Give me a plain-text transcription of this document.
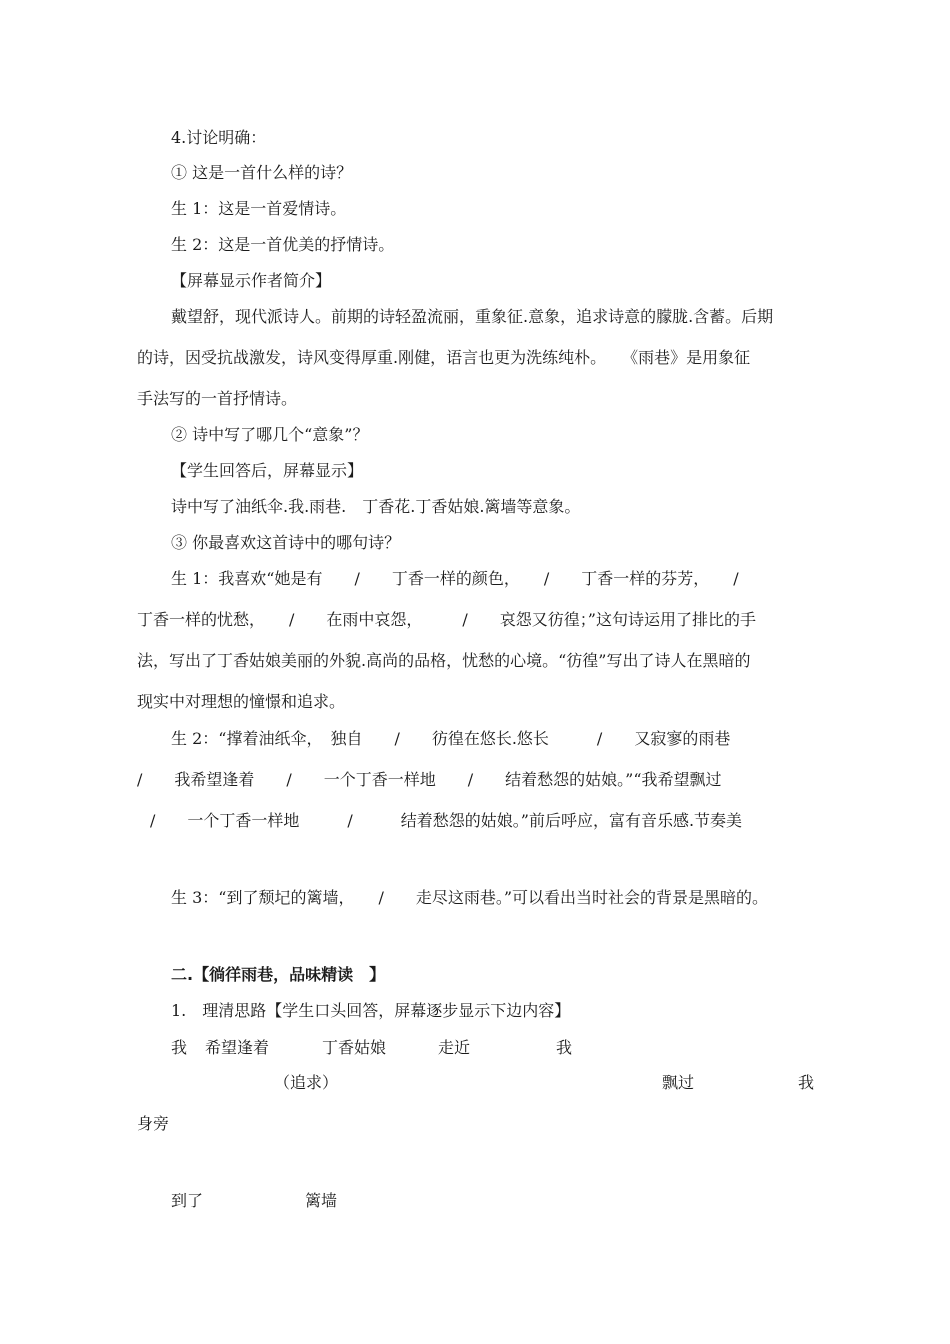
4.讨论明确：
① 这是一首什么样的诗？
生 1：这是一首爱情诗。
生 2：这是一首优美的抒情诗。
【屏幕显示作者简介】
戴望舒，现代派诗人。前期的诗轻盈流丽，重象征.意象，追求诗意的朦胧.含蓄。后期
的诗，因受抗战激发，诗风变得厚重.刚健，语言也更为洗练纯朴。　　《雨巷》是用象征
手法写的一首抒情诗。
② 诗中写了哪几个“意象”？
【学生回答后，屏幕显示】
诗中写了油纸伞.我.雨巷.　丁香花.丁香姑娘.篱墙等意象。
③ 你最喜欢这首诗中的哪句诗？
生 1：我喜欢“她是有　　/　　丁香一样的颜色，　　/　　丁香一样的芬芳，　　/
丁香一样的忧愁，　　/　　在雨中哀怨，　　　/　　哀怨又彷徨；”这句诗运用了排比的手
法，写出了丁香姑娘美丽的外貌.高尚的品格，忧愁的心境。“彷徨”写出了诗人在黑暗的
现实中对理想的憧憬和追求。
生 2：“撑着油纸伞，　独自　　/　　彷徨在悠长.悠长　　　/　　又寂寥的雨巷
/　　我希望逢着　　/　　一个丁香一样地　　/　　结着愁怨的姑娘。”“我希望飘过
/　　一个丁香一样地　　　/　　　结着愁怨的姑娘。”前后呼应，富有音乐感.节奏美
生 3：“到了颓圮的篱墙，　　/　　走尽这雨巷。”可以看出当时社会的背景是黑暗的。
二.【徜徉雨巷，品味精读　】
1.　理清思路【学生口头回答，屏幕逐步显示下边内容】
我 希望逢着	丁香姑娘	走近	我
（追求）	飘过	我
身旁
到了	篱墙
